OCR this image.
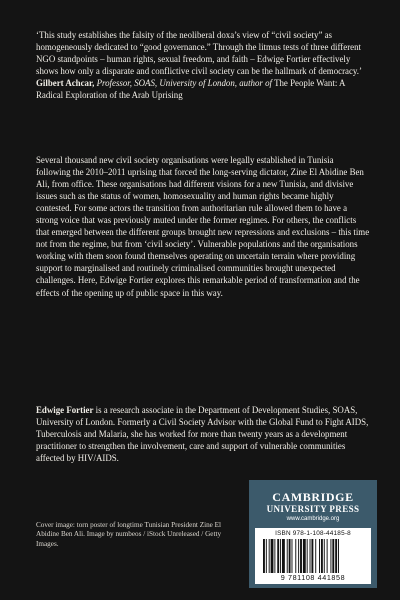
‘This study establishes the falsity of the neoliberal doxa’s view of “civil society” as homogeneously dedicated to “good governance.” Through the litmus tests of three different NGO standpoints – human rights, sexual freedom, and faith – Edwige Fortier effectively shows how only a disparate and conflictive civil society can be the hallmark of democracy.’

Gilbert Achcar, Professor, SOAS, University of London, author of The People Want: A Radical Exploration of the Arab Uprising

Several thousand new civil society organisations were legally established in Tunisia following the 2010–2011 uprising that forced the long-serving dictator, Zine El Abidine Ben Ali, from office. These organisations had different visions for a new Tunisia, and divisive issues such as the status of women, homosexuality and human rights became highly contested. For some actors the transition from authoritarian rule allowed them to have a strong voice that was previously muted under the former regimes. For others, the conflicts that emerged between the different groups brought new repressions and exclusions – this time not from the regime, but from ‘civil society’. Vulnerable populations and the organisations working with them soon found themselves operating on uncertain terrain where providing support to marginalised and routinely criminalised communities brought unexpected challenges. Here, Edwige Fortier explores this remarkable period of transformation and the effects of the opening up of public space in this way.

Edwige Fortier is a research associate in the Department of Development Studies, SOAS, University of London. Formerly a Civil Society Advisor with the Global Fund to Fight AIDS, Tuberculosis and Malaria, she has worked for more than twenty years as a development practitioner to strengthen the involvement, care and support of vulnerable communities affected by HIV/AIDS.

Cover image: torn poster of longtime Tunisian President Zine El Abidine Ben Ali. Image by numbeos / iStock Unreleased / Getty Images.

CAMBRIDGE
UNIVERSITY PRESS
www.cambridge.org
ISBN 978-1-108-44185-8
9 781108 441858
